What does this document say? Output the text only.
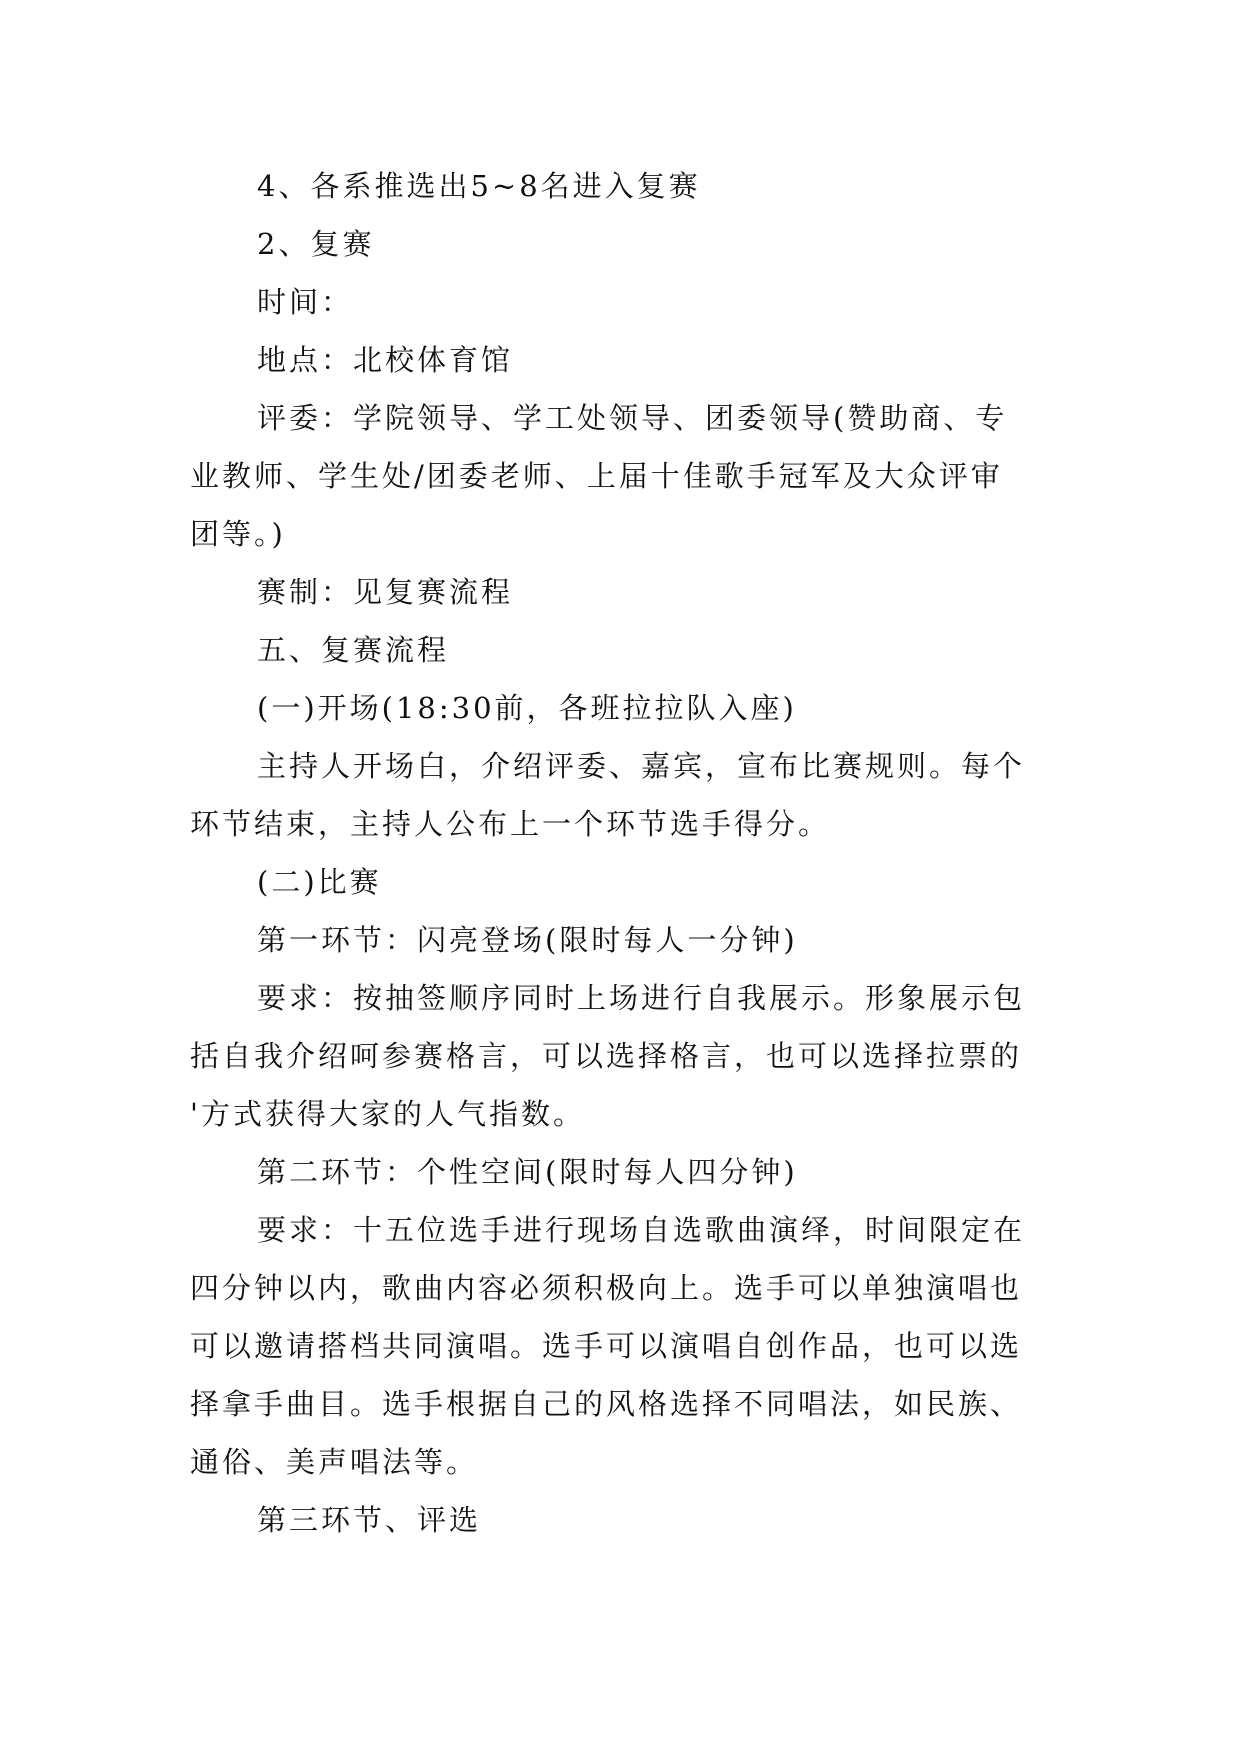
4、各系推选出5~8名进入复赛
2、复赛
时间：
地点：北校体育馆
评委：学院领导、学工处领导、团委领导(赞助商、专
业教师、学生处/团委老师、上届十佳歌手冠军及大众评审
团等。)
赛制：见复赛流程
五、复赛流程
(一)开场(18:30前，各班拉拉队入座)
主持人开场白，介绍评委、嘉宾，宣布比赛规则。每个
环节结束，主持人公布上一个环节选手得分。
(二)比赛
第一环节：闪亮登场(限时每人一分钟)
要求：按抽签顺序同时上场进行自我展示。形象展示包
括自我介绍呵参赛格言，可以选择格言，也可以选择拉票的
'方式获得大家的人气指数。
第二环节：个性空间(限时每人四分钟)
要求：十五位选手进行现场自选歌曲演绎，时间限定在
四分钟以内，歌曲内容必须积极向上。选手可以单独演唱也
可以邀请搭档共同演唱。选手可以演唱自创作品，也可以选
择拿手曲目。选手根据自己的风格选择不同唱法，如民族、
通俗、美声唱法等。
第三环节、评选
